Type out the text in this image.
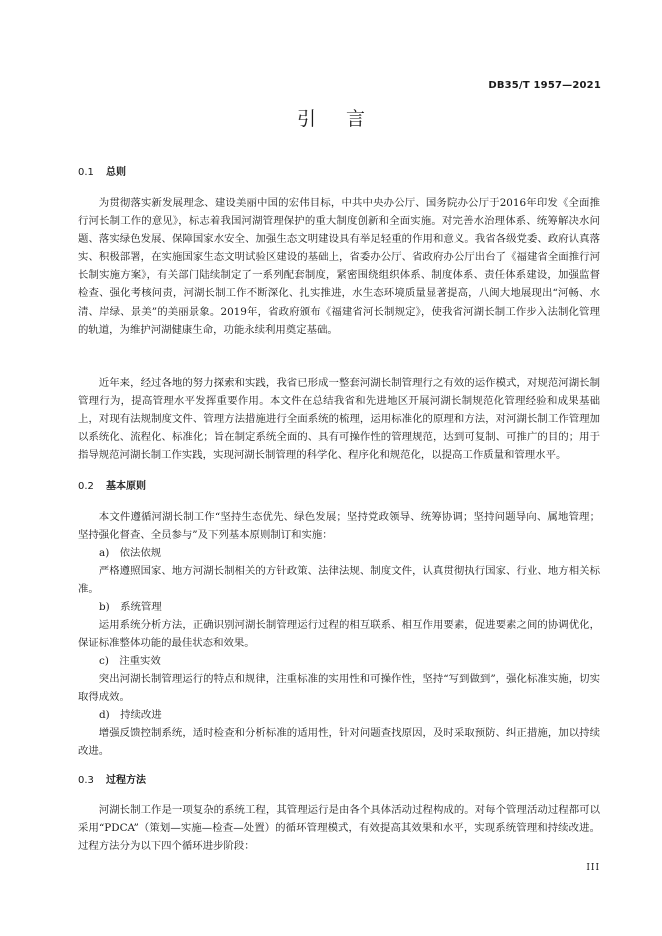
DB35/T 1957—2021
引言
0.1 总则

为贯彻落实新发展理念、建设美丽中国的宏伟目标，中共中央办公厅、国务院办公厅于2016年印发《全面推行河长制工作的意见》，标志着我国河湖管理保护的重大制度创新和全面实施。对完善水治理体系、统筹解决水问题、落实绿色发展、保障国家水安全、加强生态文明建设具有举足轻重的作用和意义。我省各级党委、政府认真落实、积极部署，在实施国家生态文明试验区建设的基础上，省委办公厅、省政府办公厅出台了《福建省全面推行河长制实施方案》，有关部门陆续制定了一系列配套制度，紧密围绕组织体系、制度体系、责任体系建设，加强监督检查、强化考核问责，河湖长制工作不断深化、扎实推进，水生态环境质量显著提高，八闽大地展现出“河畅、水清、岸绿、景美”的美丽景象。2019年，省政府颁布《福建省河长制规定》，使我省河湖长制工作步入法制化管理的轨道，为维护河湖健康生命，功能永续利用奠定基础。

近年来，经过各地的努力探索和实践，我省已形成一整套河湖长制管理行之有效的运作模式，对规范河湖长制管理行为，提高管理水平发挥重要作用。本文件在总结我省和先进地区开展河湖长制规范化管理经验和成果基础上，对现有法规制度文件、管理方法措施进行全面系统的梳理，运用标准化的原理和方法，对河湖长制工作管理加以系统化、流程化、标准化；旨在制定系统全面的、具有可操作性的管理规范，达到可复制、可推广的目的；用于指导规范河湖长制工作实践，实现河湖长制管理的科学化、程序化和规范化，以提高工作质量和管理水平。

0.2 基本原则

本文件遵循河湖长制工作“坚持生态优先、绿色发展；坚持党政领导、统筹协调；坚持问题导向、属地管理；坚持强化督查、全员参与”及下列基本原则制订和实施：

a)　依法依规

严格遵照国家、地方河湖长制相关的方针政策、法律法规、制度文件，认真贯彻执行国家、行业、地方相关标准。

b)　系统管理

运用系统分析方法，正确识别河湖长制管理运行过程的相互联系、相互作用要素，促进要素之间的协调优化，保证标准整体功能的最佳状态和效果。

c)　注重实效

突出河湖长制管理运行的特点和规律，注重标准的实用性和可操作性，坚持“写到做到”，强化标准实施，切实取得成效。

d)　持续改进

增强反馈控制系统，适时检查和分析标准的适用性，针对问题查找原因，及时采取预防、纠正措施，加以持续改进。

0.3 过程方法

河湖长制工作是一项复杂的系统工程，其管理运行是由各个具体活动过程构成的。对每个管理活动过程都可以采用“PDCA”（策划—实施—检查—处置）的循环管理模式，有效提高其效果和水平，实现系统管理和持续改进。过程方法分为以下四个循环进步阶段：

III
